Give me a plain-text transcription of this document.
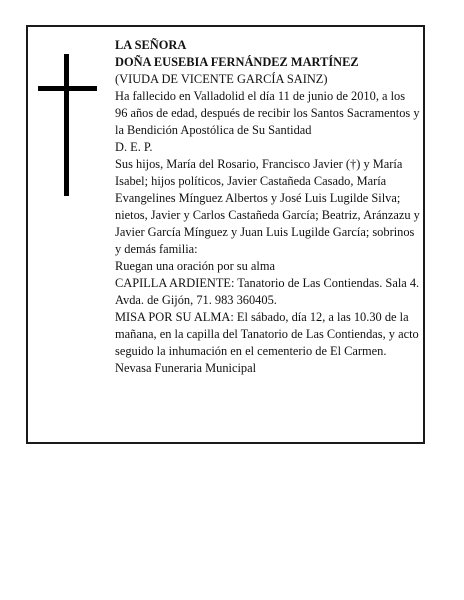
LA SEÑORA

DOÑA EUSEBIA FERNÁNDEZ MARTÍNEZ

(VIUDA DE VICENTE GARCÍA SAINZ)

Ha fallecido en Valladolid el día 11 de junio de 2010, a los 96 años de edad, después de recibir los Santos Sacramentos y la Bendición Apostólica de Su Santidad

D. E. P.

Sus hijos, María del Rosario, Francisco Javier (†) y María Isabel; hijos políticos, Javier Castañeda Casado, María Evangelines Mínguez Albertos y José Luis Lugilde Silva; nietos, Javier y Carlos Castañeda García; Beatriz, Aránzazu y Javier García Mínguez y Juan Luis Lugilde García; sobrinos y demás familia:

Ruegan una oración por su alma

CAPILLA ARDIENTE: Tanatorio de Las Contiendas. Sala 4. Avda. de Gijón, 71. 983 360405.

MISA POR SU ALMA: El sábado, día 12, a las 10.30 de la mañana, en la capilla del Tanatorio de Las Contiendas, y acto seguido la inhumación en el cementerio de El Carmen.

Nevasa Funeraria Municipal
